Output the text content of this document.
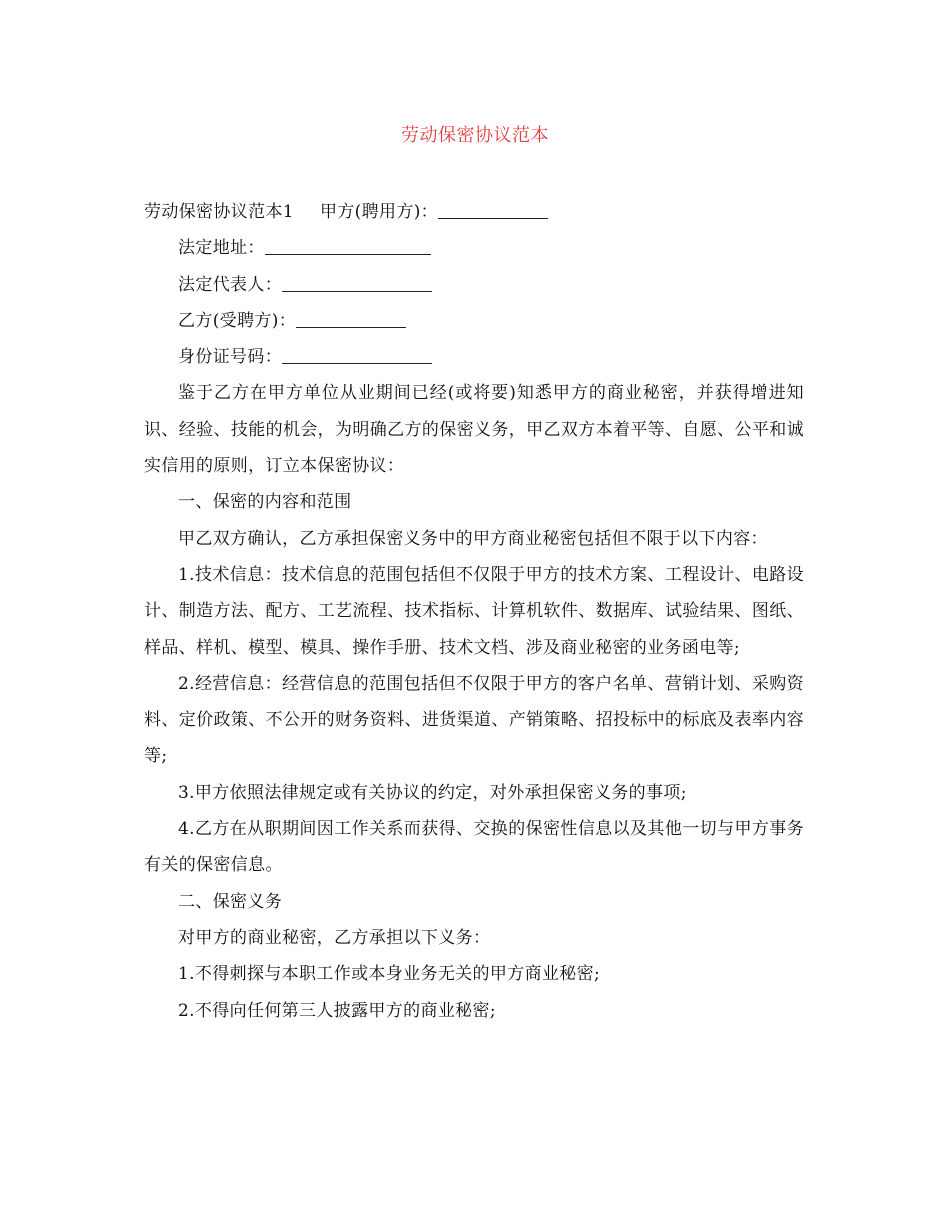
劳动保密协议范本

劳动保密协议范本1 甲方(聘用方)：

法定地址：

法定代表人：

乙方(受聘方)：

身份证号码：

鉴于乙方在甲方单位从业期间已经(或将要)知悉甲方的商业秘密，并获得增进知识、经验、技能的机会，为明确乙方的保密义务，甲乙双方本着平等、自愿、公平和诚实信用的原则，订立本保密协议：

一、保密的内容和范围

甲乙双方确认，乙方承担保密义务中的甲方商业秘密包括但不限于以下内容：

1.技术信息：技术信息的范围包括但不仅限于甲方的技术方案、工程设计、电路设计、制造方法、配方、工艺流程、技术指标、计算机软件、数据库、试验结果、图纸、样品、样机、模型、模具、操作手册、技术文档、涉及商业秘密的业务函电等;

2.经营信息：经营信息的范围包括但不仅限于甲方的客户名单、营销计划、采购资料、定价政策、不公开的财务资料、进货渠道、产销策略、招投标中的标底及表率内容等;

3.甲方依照法律规定或有关协议的约定，对外承担保密义务的事项;

4.乙方在从职期间因工作关系而获得、交换的保密性信息以及其他一切与甲方事务有关的保密信息。

二、保密义务

对甲方的商业秘密，乙方承担以下义务：

1.不得刺探与本职工作或本身业务无关的甲方商业秘密;

2.不得向任何第三人披露甲方的商业秘密;
